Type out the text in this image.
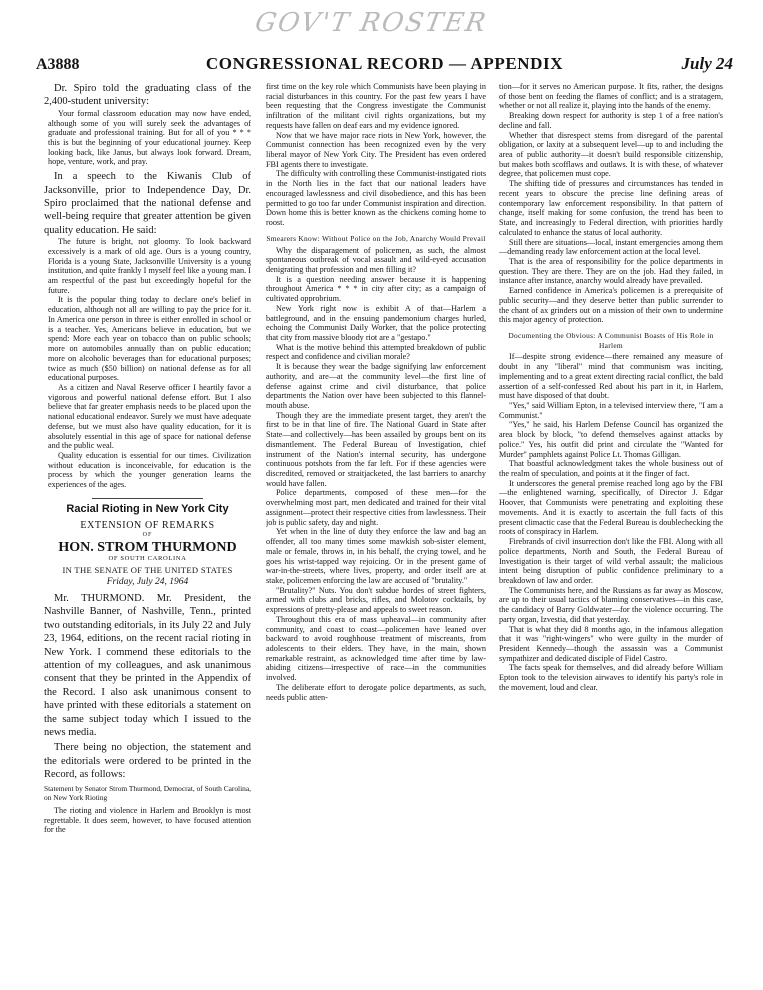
GOV'T ROSTER
A3888	CONGRESSIONAL RECORD — APPENDIX	July 24

Dr. Spiro told the graduating class of the 2,400-student university:

Your formal classroom education may now have ended, although some of you will surely seek the advantages of graduate and professional training. But for all of you * * * this is but the beginning of your educational journey. Keep looking back, like Janus, but always look forward. Dream, hope, venture, work, and pray.

In a speech to the Kiwanis Club of Jacksonville, prior to Independence Day, Dr. Spiro proclaimed that the national defense and well-being require that greater attention be given quality education. He said:

The future is bright, not gloomy. To look backward excessively is a mark of old age. Ours is a young country, Florida is a young State, Jacksonville University is a young institution, and quite frankly I myself feel like a young man. I am respectful of the past but exceedingly hopeful for the future.

It is the popular thing today to declare one's belief in education, although not all are willing to pay the price for it. In America one person in three is either enrolled in school or is a teacher. Yes, Americans believe in education, but we spend: More each year on tobacco than on public schools; more on automobiles annually than on public education; more on alcoholic beverages than for educational purposes; twice as much ($50 billion) on national defense as for all educational purposes.

As a citizen and Naval Reserve officer I heartily favor a vigorous and powerful national defense effort. But I also believe that far greater emphasis needs to be placed upon the national educational endeavor. Surely we must have adequate defense, but we must also have quality education, for it is absolutely essential in this age of space for national defense and the public weal.

Quality education is essential for our times. Civilization without education is inconceivable, for education is the process by which the younger generation learns the experiences of the ages.

Racial Rioting in New York City
EXTENSION OF REMARKS
OF
HON. STROM THURMOND
OF SOUTH CAROLINA
IN THE SENATE OF THE UNITED STATES
Friday, July 24, 1964

Mr. THURMOND. Mr. President, the Nashville Banner, of Nashville, Tenn., printed two outstanding editorials, in its July 22 and July 23, 1964, editions, on the recent racial rioting in New York. I commend these editorials to the attention of my colleagues, and ask unanimous consent that they be printed in the Appendix of the Record. I also ask unanimous consent to have printed with these editorials a statement on the same subject today which I issued to the news media.

There being no objection, the statement and the editorials were ordered to be printed in the Record, as follows:

Statement by Senator Strom Thurmond, Democrat, of South Carolina, on New York Rioting

The rioting and violence in Harlem and Brooklyn is most regrettable. It does seem, however, to have focused attention for the

first time on the key role which Communists have been playing in racial disturbances in this country. For the past few years I have been requesting that the Congress investigate the Communist infiltration of the militant civil rights organizations, but my requests have fallen on deaf ears and my evidence ignored.

Now that we have major race riots in New York, however, the Communist connection has been recognized even by the very liberal mayor of New York City. The President has even ordered FBI agents there to investigate.

The difficulty with controlling these Communist-instigated riots in the North lies in the fact that our national leaders have encouraged lawlessness and civil disobedience, and this has been permitted to go too far under Communist inspiration and direction. Down home this is better known as the chickens coming home to roost.

Smearers Know: Without Police on the Job, Anarchy Would Prevail

Why the disparagement of policemen, as such, the almost spontaneous outbreak of vocal assault and wild-eyed accusation denigrating that profession and men filling it?

It is a question needing answer because it is happening throughout America * * * in city after city; as a campaign of cultivated opprobrium.

New York right now is exhibit A of that—Harlem a battleground, and in the ensuing pandemonium charges hurled, echoing the Communist Daily Worker, that the police protecting that city from massive bloody riot are a "gestapo."

What is the motive behind this attempted breakdown of public respect and confidence and civilian morale?

It is because they wear the badge signifying law enforcement authority, and are—at the community level—the first line of defense against crime and civil disturbance, that police departments the Nation over have been subjected to this flannel-mouth abuse.

Though they are the immediate present target, they aren't the first to be in that line of fire. The National Guard in State after State—and collectively—has been assailed by groups bent on its dismantlement. The Federal Bureau of Investigation, chief instrument of the Nation's internal security, has undergone continuous potshots from the far left. For if these agencies were discredited, removed or straitjacketed, the last barriers to anarchy would have fallen.

Police departments, composed of these men—for the overwhelming most part, men dedicated and trained for their vital assignment—protect their respective cities from lawlessness. Their job is public safety, day and night.

Yet when in the line of duty they enforce the law and bag an offender, all too many times some mawkish sob-sister element, male or female, throws in, in his behalf, the crying towel, and he goes his wrist-tapped way rejoicing. Or in the present game of war-in-the-streets, where lives, property, and order itself are at stake, policemen enforcing the law are accused of "brutality."

"Brutality?" Nuts. You don't subdue hordes of street fighters, armed with clubs and bricks, rifles, and Molotov cocktails, by expressions of pretty-please and appeals to sweet reason.

Throughout this era of mass upheaval—in community after community, and coast to coast—policemen have leaned over backward to avoid roughhouse treatment of miscreants, from adolescents to their elders. They have, in the main, shown remarkable restraint, as acknowledged time after time by law-abiding citizens—irrespective of race—in the communities involved.

The deliberate effort to derogate police departments, as such, needs public atten-

tion—for it serves no American purpose. It fits, rather, the designs of those bent on feeding the flames of conflict; and is a stratagem, whether or not all realize it, playing into the hands of the enemy.

Breaking down respect for authority is step 1 of a free nation's decline and fall.

Whether that disrespect stems from disregard of the parental obligation, or laxity at a subsequent level—up to and including the area of public authority—it doesn't build responsible citizenship, but makes both scofflaws and outlaws. It is with these, of whatever degree, that policemen must cope.

The shifting tide of pressures and circumstances has tended in recent years to obscure the precise line defining areas of contemporary law enforcement responsibility. In that pattern of change, itself making for some confusion, the trend has been to State, and increasingly to Federal direction, with priorities hardly calculated to enhance the status of local authority.

Still there are situations—local, instant emergencies among them—demanding ready law enforcement action at the local level.

That is the area of responsibility for the police departments in question. They are there. They are on the job. Had they failed, in instance after instance, anarchy would already have prevailed.

Earned confidence in America's policemen is a prerequisite of public security—and they deserve better than public surrender to the chant of ax grinders out on a mission of their own to undermine this major agency of protection.

Documenting the Obvious: A Communist Boasts of His Role in Harlem

If—despite strong evidence—there remained any measure of doubt in any "liberal" mind that communism was inciting, implementing and to a great extent directing racial conflict, the bald assertion of a self-confessed Red about his part in it, in Harlem, must have disposed of that doubt.

"Yes," said William Epton, in a televised interview there, "I am a Communist."

"Yes," he said, his Harlem Defense Council has organized the area block by block, "to defend themselves against attacks by police." Yes, his outfit did print and circulate the "Wanted for Murder" pamphlets against Police Lt. Thomas Gilligan.

That boastful acknowledgment takes the whole business out of the realm of speculation, and points at it the finger of fact.

It underscores the general premise reached long ago by the FBI—the enlightened warning, specifically, of Director J. Edgar Hoover, that Communists were penetrating and exploiting these movements. And it is exactly to ascertain the full facts of this present climactic case that the Federal Bureau is doublechecking the roots of conspiracy in Harlem.

Firebrands of civil insurrection don't like the FBI. Along with all police departments, North and South, the Federal Bureau of Investigation is their target of wild verbal assault; the malicious intent being disruption of public confidence preliminary to a breakdown of law and order.

The Communists here, and the Russians as far away as Moscow, are up to their usual tactics of blaming conservatives—in this case, the candidacy of Barry Goldwater—for the violence occurring. The party organ, Izvestia, did that yesterday.

That is what they did 8 months ago, in the infamous allegation that it was "right-wingers" who were guilty in the murder of President Kennedy—though the assassin was a Communist sympathizer and dedicated disciple of Fidel Castro.

The facts speak for themselves, and did already before William Epton took to the television airwaves to identify his party's role in the movement, loud and clear.
